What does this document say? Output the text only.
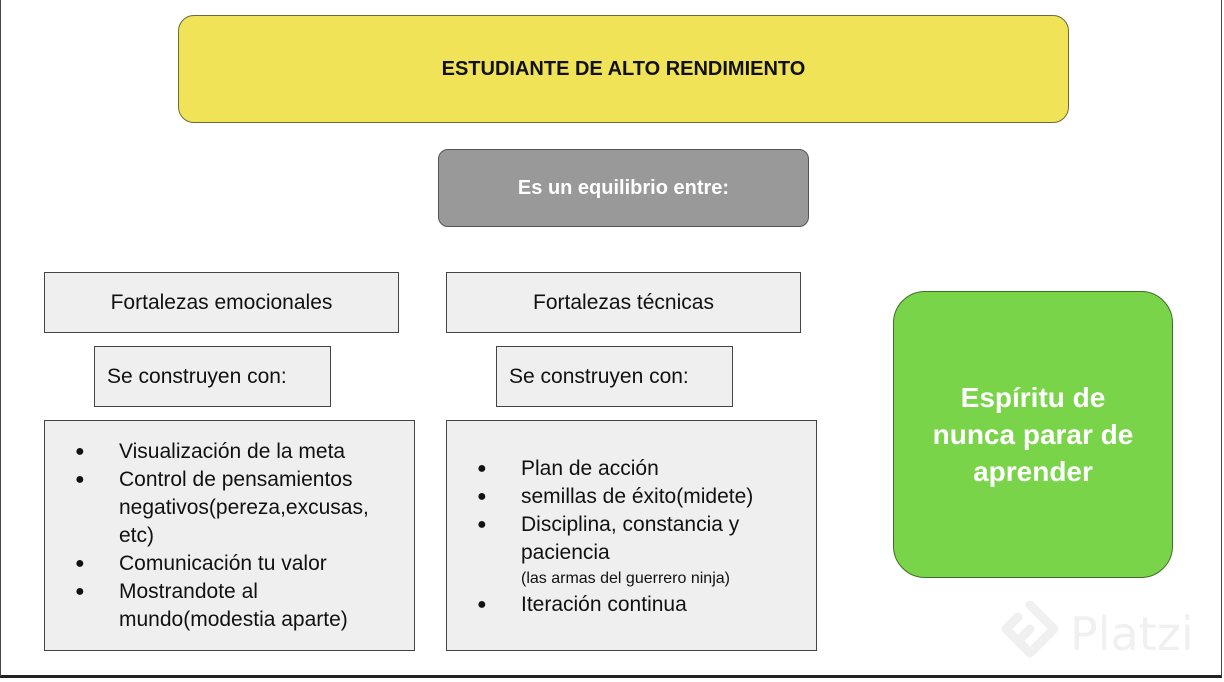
ESTUDIANTE DE ALTO RENDIMIENTO
Es un equilibrio entre:
Fortalezas emocionales
Se construyen con:
● Visualización de la meta
● Control de pensamientos negativos(pereza,excusas, etc)
● Comunicación tu valor
● Mostrandote al mundo(modestia aparte)
Fortalezas técnicas
Se construyen con:
● Plan de acción
● semillas de éxito(midete)
● Disciplina, constancia y paciencia
(las armas del guerrero ninja)
● Iteración continua
Espíritu de nunca parar de aprender
Platzi
